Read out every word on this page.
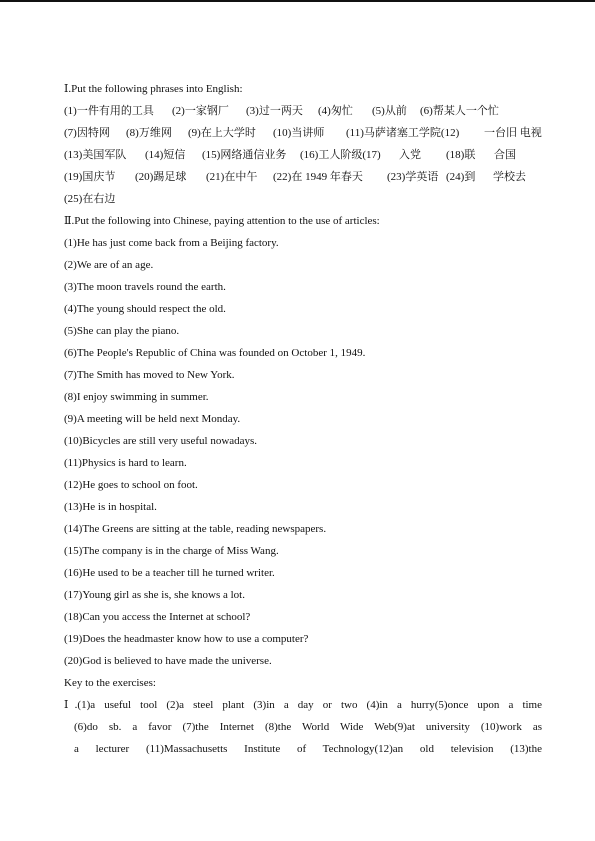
Ⅰ.Put the following phrases into English:
(1)一件有用的工具 (2)一家钢厂 (3)过一两天 (4)匆忙 (5)从前 (6)帮某人一个忙
(7)因特网 (8)万维网 (9)在上大学时 (10)当讲师 (11)马萨诸塞工学院(12) 一台旧 电视
(13)美国军队 (14)短信 (15)网络通信业务 (16)工人阶级(17) 入党 (18)联 合国
(19)国庆节 (20)踢足球 (21)在中午 (22)在 1949 年春天 (23)学英语 (24)到 学校去
(25)在右边
Ⅱ.Put the following into Chinese, paying attention to the use of articles:
(1)He has just come back from a Beijing factory.
(2)We are of an age.
(3)The moon travels round the earth.
(4)The young should respect the old.
(5)She can play the piano.
(6)The People's Republic of China was founded on October 1, 1949.
(7)The Smith has moved to New York.
(8)I enjoy swimming in summer.
(9)A meeting will be held next Monday.
(10)Bicycles are still very useful nowadays.
(11)Physics is hard to learn.
(12)He goes to school on foot.
(13)He is in hospital.
(14)The Greens are sitting at the table, reading newspapers.
(15)The company is in the charge of Miss Wang.
(16)He used to be a teacher till he turned writer.
(17)Young girl as she is, she knows a lot.
(18)Can you access the Internet at school?
(19)Does the headmaster know how to use a computer?
(20)God is believed to have made the universe.
Key to the exercises:
Ⅰ.(1)a useful tool (2)a steel plant (3)in a day or two (4)in a hurry(5)once upon a time
(6)do sb. a favor (7)the Internet (8)the World Wide Web(9)at university (10)work as
a lecturer (11)Massachusetts Institute of Technology(12)an old television (13)the
